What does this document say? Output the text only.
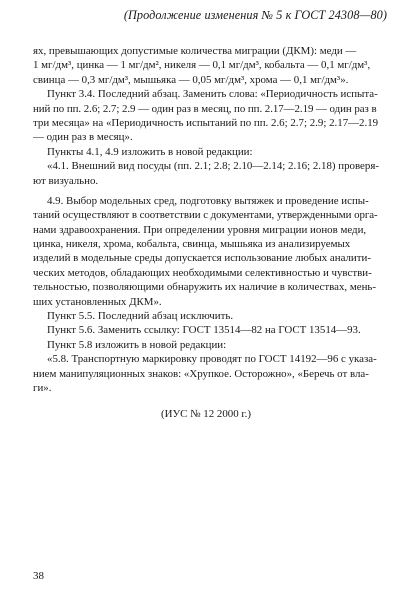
(Продолжение изменения № 5 к ГОСТ 24308—80)
ях, превышающих допустимые количества миграции (ДКМ): меди —
1 мг/дм³, цинка — 1 мг/дм², никеля — 0,1 мг/дм³, кобальта — 0,1 мг/дм³,
свинца — 0,3 мг/дм³, мышьяка — 0,05 мг/дм³, хрома — 0,1 мг/дм³».
Пункт 3.4. Последний абзац. Заменить слова: «Периодичность испыта-
ний по пп. 2.6; 2.7; 2.9 — один раз в месяц, по пп. 2.17—2.19 — один раз в
три месяца» на «Периодичность испытаний по пп. 2.6; 2.7; 2.9; 2.17—2.19
— один раз в месяц».
Пункты 4.1, 4.9 изложить в новой редакции:
«4.1. Внешний вид посуды (пп. 2.1; 2.8; 2.10—2.14; 2.16; 2.18) проверя-
ют визуально.
4.9. Выбор модельных сред, подготовку вытяжек и проведение испы-
таний осуществляют в соответствии с документами, утвержденными орга-
нами здравоохранения. При определении уровня миграции ионов меди,
цинка, никеля, хрома, кобальта, свинца, мышьяка из анализируемых
изделий в модельные среды допускается использование любых аналити-
ческих методов, обладающих необходимыми селективностью и чувстви-
тельностью, позволяющими обнаружить их наличие в количествах, мень-
ших установленных ДКМ».
Пункт 5.5. Последний абзац исключить.
Пункт 5.6. Заменить ссылку: ГОСТ 13514—82 на ГОСТ 13514—93.
Пункт 5.8 изложить в новой редакции:
«5.8. Транспортную маркировку проводят по ГОСТ 14192—96 с указа-
нием манипуляционных знаков: «Хрупкое. Осторожно», «Беречь от вла-
ги».
(ИУС № 12 2000 г.)
38
